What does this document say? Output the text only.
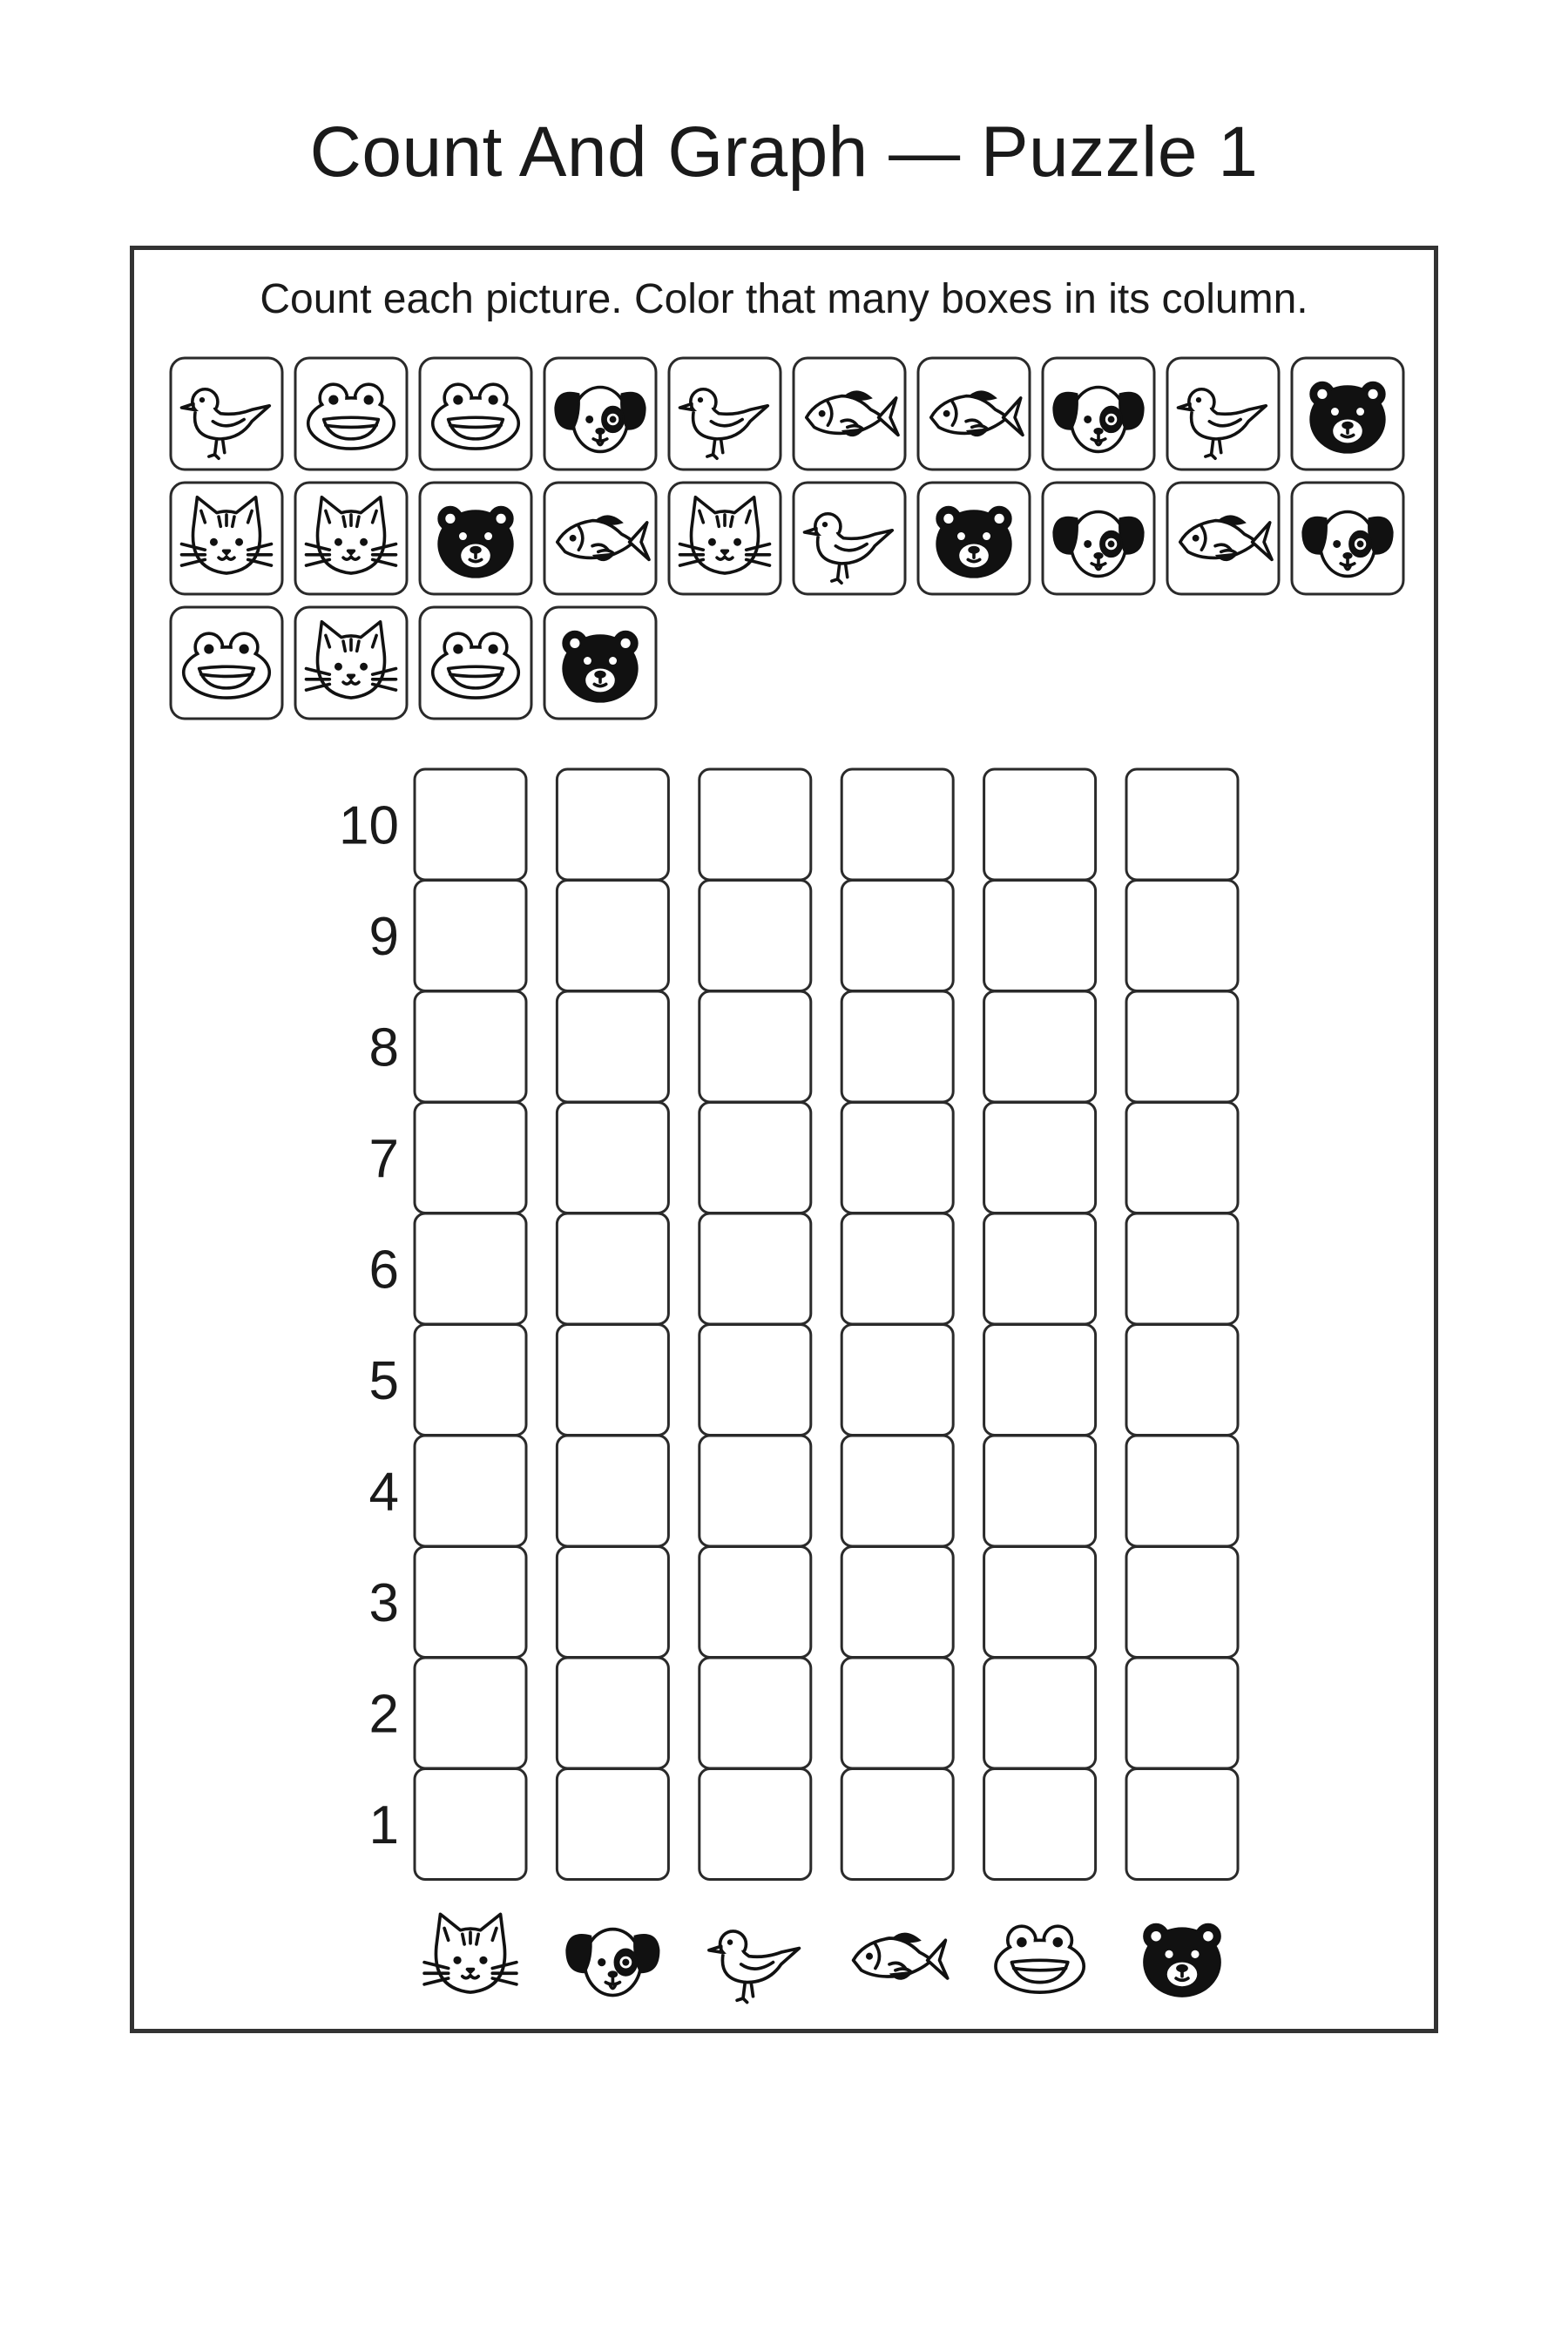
Count And Graph — Puzzle 1
Count each picture. Color that many boxes in its column.
10
9
8
7
6
5
4
3
2
1
